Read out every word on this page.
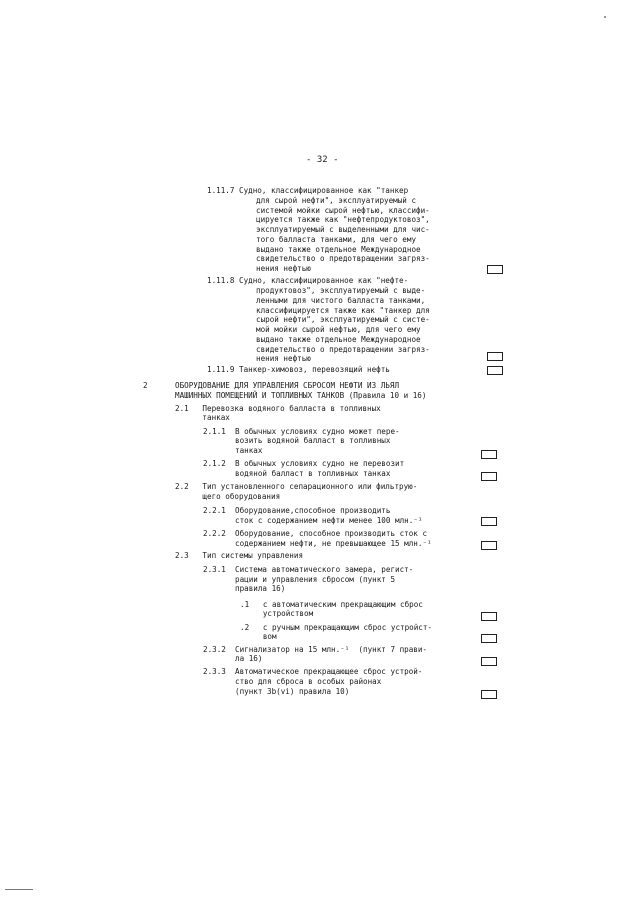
- 32 -
1.11.7 Судно, классифицированное как "танкер
для сырой нефти", эксплуатируемый с
системой мойки сырой нефтью, классифи-
цируется также как "нефтепродуктовоз",
эксплуатируемый с выделенными для чис-
того балласта танками, для чего ему
выдано также отдельное Международное
свидетельство о предотвращении загряз-
нения нефтью
1.11.8 Судно, классифицированное как "нефте-
продуктовоз", эксплуатируемый с выде-
ленными для чистого балласта танками,
классифицируется также как "танкер для
сырой нефти", эксплуатируемый с систе-
мой мойки сырой нефтью, для чего ему
выдано также отдельное Международное
свидетельство о предотвращении загряз-
нения нефтью
1.11.9 Танкер-химовоз, перевозящий нефть
2	ОБОРУДОВАНИЕ ДЛЯ УПРАВЛЕНИЯ СБРОСОМ НЕФТИ ИЗ ЛЬЯЛ
МАШИННЫХ ПОМЕЩЕНИЙ И ТОПЛИВНЫХ ТАНКОВ (Правила 10 и 16)
2.1   Перевозка водяного балласта в топливных
танках
2.1.1  В обычных условиях судно может пере-
возить водяной балласт в топливных
танках
2.1.2  В обычных условиях судно не перевозит
водяной балласт в топливных танках
2.2   Тип установленного сепарационного или фильтрую-
щего оборудования
2.2.1  Оборудование,способное производить
сток с содержанием нефти менее 100 млн.⁻¹
2.2.2  Оборудование, способное производить сток с
содержанием нефти, не превышающее 15 млн.⁻¹
2.3   Тип системы управления
2.3.1  Система автоматического замера, регист-
рации и управления сбросом (пункт 5
правила 16)
.1   с автоматическим прекращающим сброс
устройством
.2   с ручным прекращающим сброс устройст-
вом
2.3.2  Сигнализатор на 15 млн.⁻¹  (пункт 7 прави-
ла 16)
2.3.3  Автоматическое прекращающее сброс устрой-
ство для сброса в особых районах
(пункт 3b(vi) правила 10)
